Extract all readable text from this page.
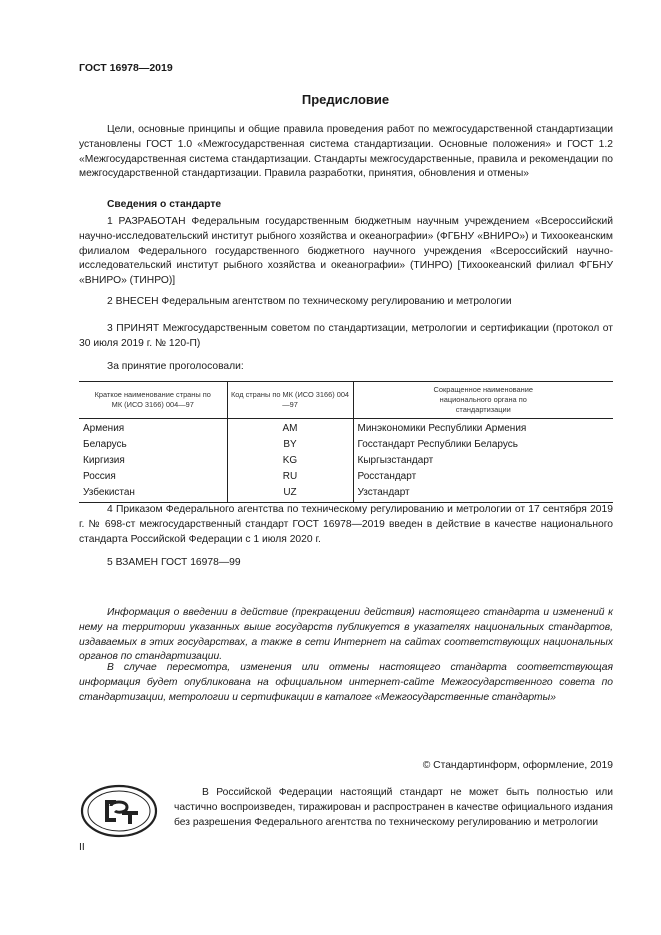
ГОСТ 16978—2019
Предисловие

Цели, основные принципы и общие правила проведения работ по межгосударственной стандартизации установлены ГОСТ 1.0 «Межгосударственная система стандартизации. Основные положения» и ГОСТ 1.2 «Межгосударственная система стандартизации. Стандарты межгосударственные, правила и рекомендации по межгосударственной стандартизации. Правила разработки, принятия, обновления и отмены»

Сведения о стандарте

1 РАЗРАБОТАН Федеральным государственным бюджетным научным учреждением «Всероссийский научно-исследовательский институт рыбного хозяйства и океанографии» (ФГБНУ «ВНИРО») и Тихоокеанским филиалом Федерального государственного бюджетного научного учреждения «Всероссийский научно-исследовательский институт рыбного хозяйства и океанографии» (ТИНРО) [Тихоокеанский филиал ФГБНУ «ВНИРО» (ТИНРО)]

2 ВНЕСЕН Федеральным агентством по техническому регулированию и метрологии

3 ПРИНЯТ Межгосударственным советом по стандартизации, метрологии и сертификации (протокол от 30 июля 2019 г. № 120-П)

За принятие проголосовали:

Краткое наименование страны по МК (ИСО 3166) 004—97	Код страны по МК (ИСО 3166) 004—97	Сокращенное наименование национального органа по стандартизации
Армения	AM	Минэкономики Республики Армения
Беларусь	BY	Госстандарт Республики Беларусь
Киргизия	KG	Кыргызстандарт
Россия	RU	Росстандарт
Узбекистан	UZ	Узстандарт

4 Приказом Федерального агентства по техническому регулированию и метрологии от 17 сентября 2019 г. № 698-ст межгосударственный стандарт ГОСТ 16978—2019 введен в действие в качестве национального стандарта Российской Федерации с 1 июля 2020 г.

5 ВЗАМЕН ГОСТ 16978—99

Информация о введении в действие (прекращении действия) настоящего стандарта и изменений к нему на территории указанных выше государств публикуется в указателях национальных стандартов, издаваемых в этих государствах, а также в сети Интернет на сайтах соответствующих национальных органов по стандартизации.

В случае пересмотра, изменения или отмены настоящего стандарта соответствующая информация будет опубликована на официальном интернет-сайте Межгосударственного совета по стандартизации, метрологии и сертификации в каталоге «Межгосударственные стандарты»

© Стандартинформ, оформление, 2019

В Российской Федерации настоящий стандарт не может быть полностью или частично воспроизведен, тиражирован и распространен в качестве официального издания без разрешения Федерального агентства по техническому регулированию и метрологии

II
